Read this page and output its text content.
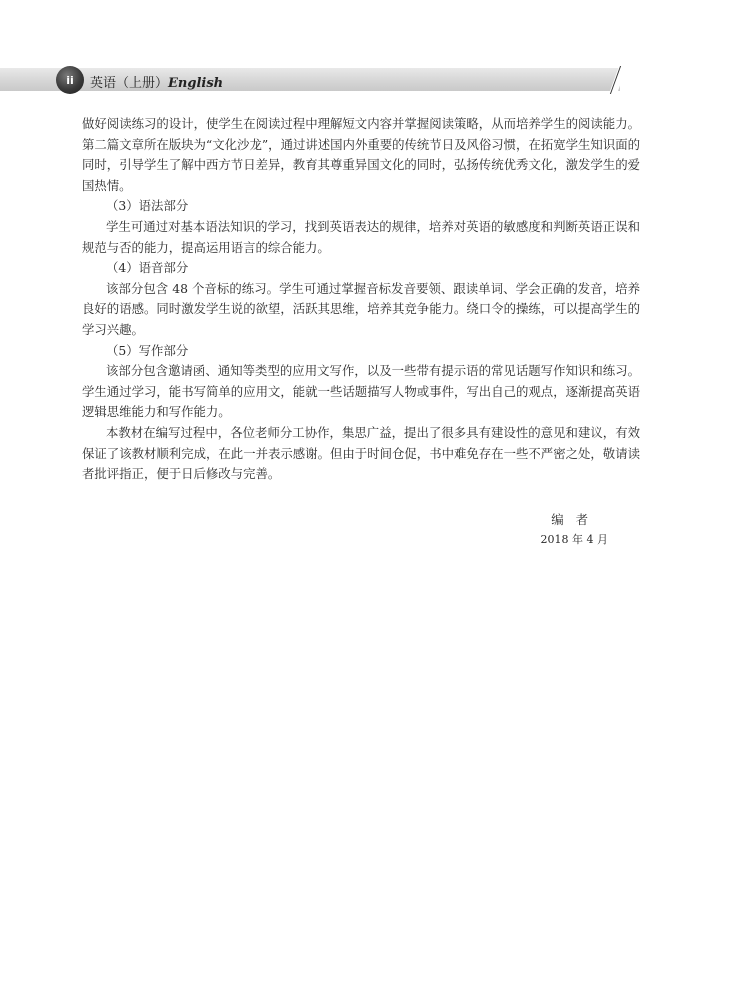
ii 英语（上册）English

做好阅读练习的设计，使学生在阅读过程中理解短文内容并掌握阅读策略，从而培养学生的阅读能力。第二篇文章所在版块为“文化沙龙”，通过讲述国内外重要的传统节日及风俗习惯，在拓宽学生知识面的同时，引导学生了解中西方节日差异，教育其尊重异国文化的同时，弘扬传统优秀文化，激发学生的爱国热情。

（3）语法部分

学生可通过对基本语法知识的学习，找到英语表达的规律，培养对英语的敏感度和判断英语正误和规范与否的能力，提高运用语言的综合能力。

（4）语音部分

该部分包含 48 个音标的练习。学生可通过掌握音标发音要领、跟读单词、学会正确的发音，培养良好的语感。同时激发学生说的欲望，活跃其思维，培养其竞争能力。绕口令的操练，可以提高学生的学习兴趣。

（5）写作部分

该部分包含邀请函、通知等类型的应用文写作，以及一些带有提示语的常见话题写作知识和练习。学生通过学习，能书写简单的应用文，能就一些话题描写人物或事件，写出自己的观点，逐渐提高英语逻辑思维能力和写作能力。

本教材在编写过程中，各位老师分工协作，集思广益，提出了很多具有建设性的意见和建议，有效保证了该教材顺利完成，在此一并表示感谢。但由于时间仓促，书中难免存在一些不严密之处，敬请读者批评指正，便于日后修改与完善。

编者
2018 年 4 月
